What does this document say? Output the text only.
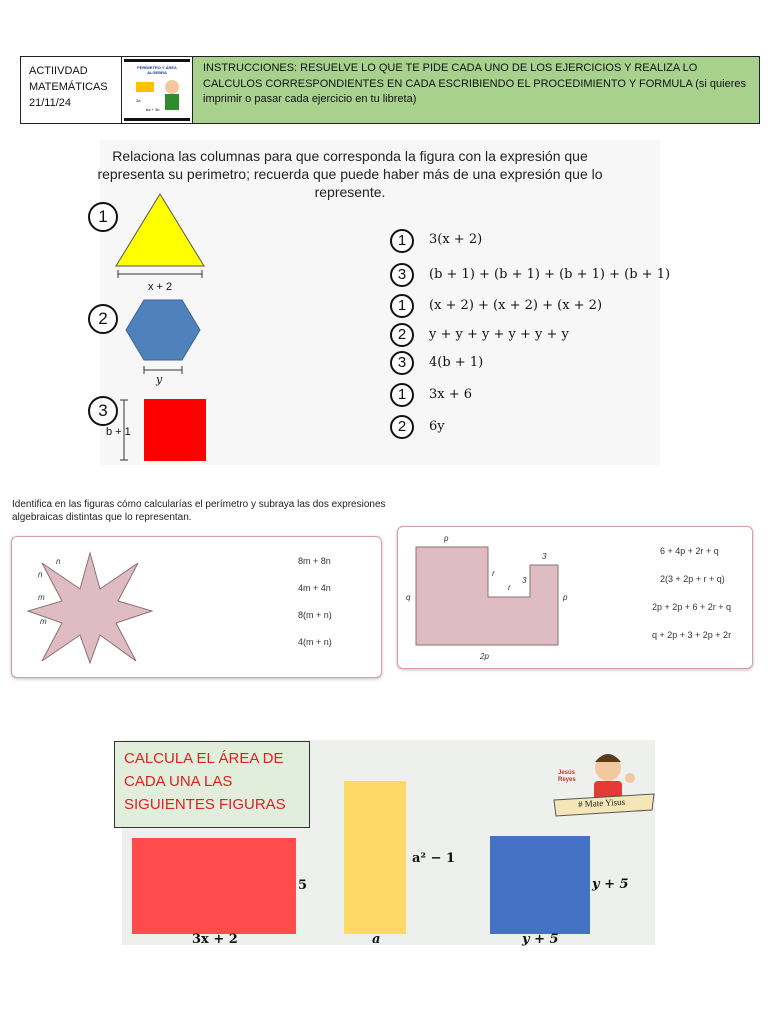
ACTIIVDAD
MATEMÁTICAS
21/11/24
PERÍMETRO Y ÁREA
ALGEBRA
2a
6a + 3b
INSTRUCCIONES: RESUELVE LO QUE TE PIDE CADA UNO DE LOS EJERCICIOS Y REALIZA LO CALCULOS CORRESPONDIENTES EN CADA ESCRIBIENDO EL PROCEDIMIENTO Y FORMULA (si quieres imprimir o pasar cada ejercicio en tu libreta)
Relaciona las columnas para que corresponda la figura con la expresión que representa su perimetro; recuerda que puede haber más de una expresión que lo represente.
1
x + 2
2
y
3
b + 1
1	3(x + 2)
3	(b + 1) + (b + 1) + (b + 1) + (b + 1)
1	(x + 2) + (x + 2) + (x + 2)
2	y + y + y + y + y + y
3	4(b + 1)
1	3x + 6
2	6y
Identifica en las figuras cómo calcularías el perímetro y subraya las dos expresiones algebraicas distintas que lo representan.
n
n
m
m
8m + 8n
4m + 4n
8(m + n)
4(m + n)
p
q
2p
p
r
r
3
3
6 + 4p + 2r + q
2(3 + 2p + r + q)
2p + 2p + 6 + 2r + q
q + 2p + 3 + 2p + 2r
5
3x + 2
a² − 1
a
y + 5
y + 5
Jesús
Reyes
# Mate Yisus
CALCULA EL ÁREA DE
CADA UNA LAS
SIGUIENTES FIGURAS
